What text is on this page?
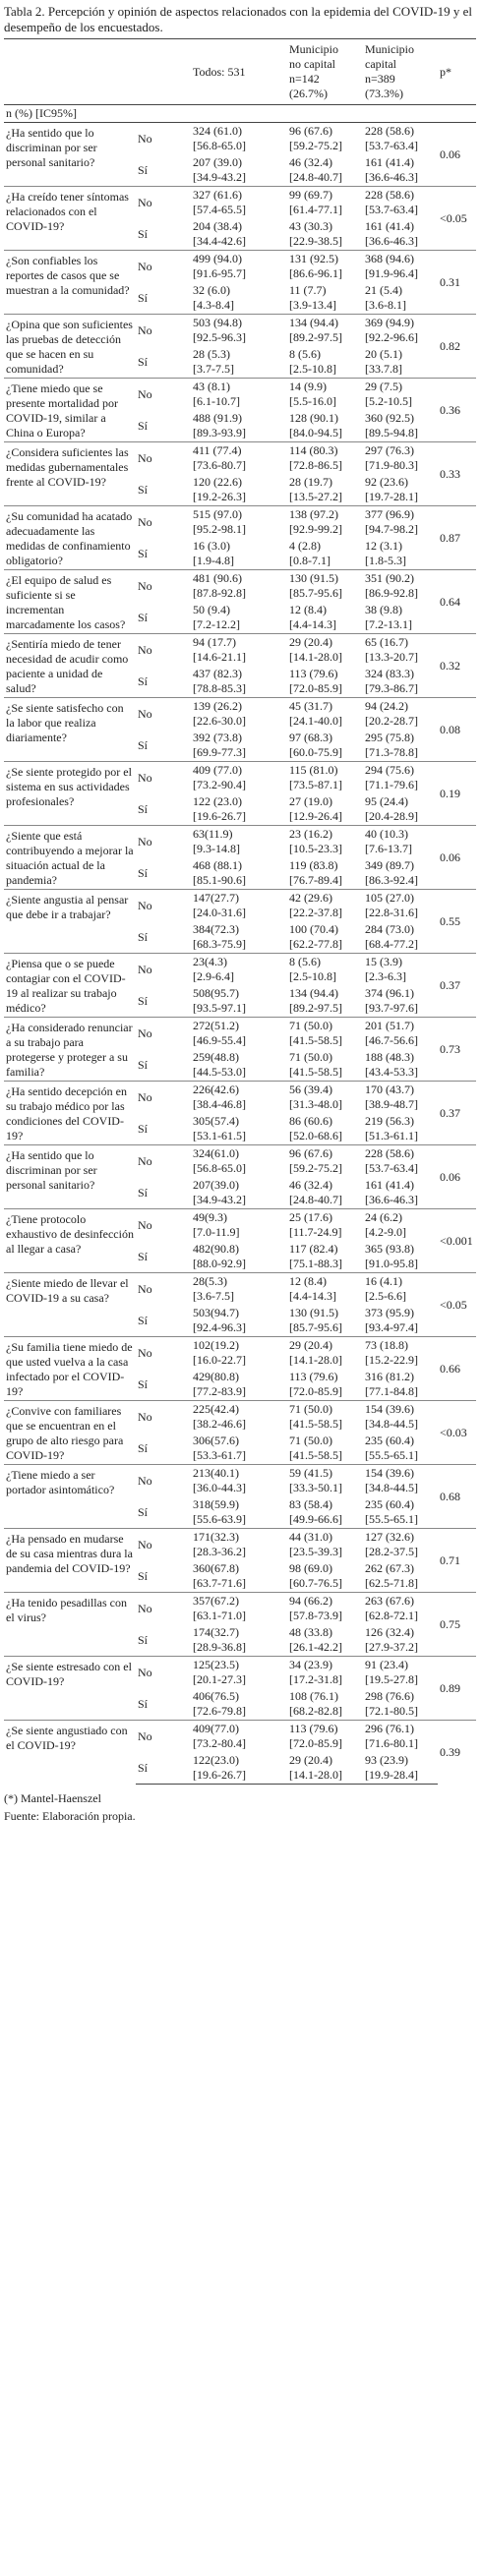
Tabla 2. Percepción y opinión de aspectos relacionados con la epidemia del COVID-19 y el desempeño de los encuestados.
		Todos: 531	Municipio
no capital
n=142
(26.7%)	Municipio
capital
n=389
(73.3%)	p*
n (%) [IC95%]					
¿Ha sentido que lo discriminan por ser personal sanitario?	No	324 (61.0)
[56.8-65.0]	96 (67.6)
[59.2-75.2]	228 (58.6)
[53.7-63.4]	0.06

	Sí	207 (39.0)
[34.9-43.2]	46 (32.4)
[24.8-40.7]	161 (41.4)
[36.6-46.3]	

¿Ha creído tener síntomas relacionados con el COVID-19?	No	327 (61.6)
[57.4-65.5]	99 (69.7)
[61.4-77.1]	228 (58.6)
[53.7-63.4]	<0.05

	Sí	204 (38.4)
[34.4-42.6]	43 (30.3)
[22.9-38.5]	161 (41.4)
[36.6-46.3]	

¿Son confiables los reportes de casos que se muestran a la comunidad?	No	499 (94.0)
[91.6-95.7]	131 (92.5)
[86.6-96.1]	368 (94.6)
[91.9-96.4]	0.31

	Sí	32 (6.0)
[4.3-8.4]	11 (7.7)
[3.9-13.4]	21 (5.4)
[3.6-8.1]	

¿Opina que son suficientes las pruebas de detección que se hacen en su comunidad?	No	503 (94.8)
[92.5-96.3]	134 (94.4)
[89.2-97.5]	369 (94.9)
[92.2-96.6]	0.82

	Sí	28 (5.3)
[3.7-7.5]	8 (5.6)
[2.5-10.8]	20 (5.1)
[33.7.8]	

¿Tiene miedo que se presente mortalidad por COVID-19, similar a China o Europa?	No	43 (8.1)
[6.1-10.7]	14 (9.9)
[5.5-16.0]	29 (7.5)
[5.2-10.5]	0.36

	Sí	488 (91.9)
[89.3-93.9]	128 (90.1)
[84.0-94.5]	360 (92.5)
[89.5-94.8]	

¿Considera suficientes las medidas gubernamentales frente al COVID-19?	No	411 (77.4)
[73.6-80.7]	114 (80.3)
[72.8-86.5]	297 (76.3)
[71.9-80.3]	0.33

	Sí	120 (22.6)
[19.2-26.3]	28 (19.7)
[13.5-27.2]	92 (23.6)
[19.7-28.1]	

¿Su comunidad ha acatado adecuadamente las medidas de confinamiento obligatorio?	No	515 (97.0)
[95.2-98.1]	138 (97.2)
[92.9-99.2]	377 (96.9)
[94.7-98.2]	0.87

	Sí	16 (3.0)
[1.9-4.8]	4 (2.8)
[0.8-7.1]	12 (3.1)
[1.8-5.3]	

¿El equipo de salud es suficiente si se incrementan marcadamente los casos?	No	481 (90.6)
[87.8-92.8]	130 (91.5)
[85.7-95.6]	351 (90.2)
[86.9-92.8]	0.64

	Sí	50 (9.4)
[7.2-12.2]	12 (8.4)
[4.4-14.3]	38 (9.8)
[7.2-13.1]	

¿Sentiría miedo de tener necesidad de acudir como paciente a unidad de salud?	No	94 (17.7)
[14.6-21.1]	29 (20.4)
[14.1-28.0]	65 (16.7)
[13.3-20.7]	0.32

	Sí	437 (82.3)
[78.8-85.3]	113 (79.6)
[72.0-85.9]	324 (83.3)
[79.3-86.7]	

¿Se siente satisfecho con la labor que realiza diariamente?	No	139 (26.2)
[22.6-30.0]	45 (31.7)
[24.1-40.0]	94 (24.2)
[20.2-28.7]	0.08

	Sí	392 (73.8)
[69.9-77.3]	97 (68.3)
[60.0-75.9]	295 (75.8)
[71.3-78.8]	

¿Se siente protegido por el sistema en sus actividades profesionales?	No	409 (77.0)
[73.2-90.4]	115 (81.0)
[73.5-87.1]	294 (75.6)
[71.1-79.6]	0.19

	Sí	122 (23.0)
[19.6-26.7]	27 (19.0)
[12.9-26.4]	95 (24.4)
[20.4-28.9]	

¿Siente que está contribuyendo a mejorar la situación actual de la pandemia?	No	63(11.9)
[9.3-14.8]	23 (16.2)
[10.5-23.3]	40 (10.3)
[7.6-13.7]	0.06

	Sí	468 (88.1)
[85.1-90.6]	119 (83.8)
[76.7-89.4]	349 (89.7)
[86.3-92.4]	

¿Siente angustia al pensar que debe ir a trabajar?	No	147(27.7)
[24.0-31.6]	42 (29.6)
[22.2-37.8]	105 (27.0)
[22.8-31.6]	0.55

	Sí	384(72.3)
[68.3-75.9]	100 (70.4)
[62.2-77.8]	284 (73.0)
[68.4-77.2]	

¿Piensa que o se puede contagiar con el COVID-19 al realizar su trabajo médico?	No	23(4.3)
[2.9-6.4]	8 (5.6)
[2.5-10.8]	15 (3.9)
[2.3-6.3]	0.37

	Sí	508(95.7)
[93.5-97.1]	134 (94.4)
[89.2-97.5]	374 (96.1)
[93.7-97.6]	

¿Ha considerado renunciar a su trabajo para protegerse y proteger a su familia?	No	272(51.2)
[46.9-55.4]	71 (50.0)
[41.5-58.5]	201 (51.7)
[46.7-56.6]	0.73

	Sí	259(48.8)
[44.5-53.0]	71 (50.0)
[41.5-58.5]	188 (48.3)
[43.4-53.3]	

¿Ha sentido decepción en su trabajo médico por las condiciones del COVID-19?	No	226(42.6)
[38.4-46.8]	56 (39.4)
[31.3-48.0]	170 (43.7)
[38.9-48.7]	0.37

	Sí	305(57.4)
[53.1-61.5]	86 (60.6)
[52.0-68.6]	219 (56.3)
[51.3-61.1]	

¿Ha sentido que lo discriminan por ser personal sanitario?	No	324(61.0)
[56.8-65.0]	96 (67.6)
[59.2-75.2]	228 (58.6)
[53.7-63.4]	0.06

	Sí	207(39.0)
[34.9-43.2]	46 (32.4)
[24.8-40.7]	161 (41.4)
[36.6-46.3]	

¿Tiene protocolo exhaustivo de desinfección al llegar a casa?	No	49(9.3)
[7.0-11.9]	25 (17.6)
[11.7-24.9]	24 (6.2)
[4.2-9.0]	<0.001

	Sí	482(90.8)
[88.0-92.9]	117 (82.4)
[75.1-88.3]	365 (93.8)
[91.0-95.8]	

¿Siente miedo de llevar el COVID-19 a su casa?	No	28(5.3)
[3.6-7.5]	12 (8.4)
[4.4-14.3]	16 (4.1)
[2.5-6.6]	<0.05

	Sí	503(94.7)
[92.4-96.3]	130 (91.5)
[85.7-95.6]	373 (95.9)
[93.4-97.4]	

¿Su familia tiene miedo de que usted vuelva a la casa infectado por el COVID-19?	No	102(19.2)
[16.0-22.7]	29 (20.4)
[14.1-28.0]	73 (18.8)
[15.2-22.9]	0.66

	Sí	429(80.8)
[77.2-83.9]	113 (79.6)
[72.0-85.9]	316 (81.2)
[77.1-84.8]	

¿Convive con familiares que se encuentran en el grupo de alto riesgo para COVID-19?	No	225(42.4)
[38.2-46.6]	71 (50.0)
[41.5-58.5]	154 (39.6)
[34.8-44.5]	<0.03

	Sí	306(57.6)
[53.3-61.7]	71 (50.0)
[41.5-58.5]	235 (60.4)
[55.5-65.1]	

¿Tiene miedo a ser portador asintomático?	No	213(40.1)
[36.0-44.3]	59 (41.5)
[33.3-50.1]	154 (39.6)
[34.8-44.5]	0.68

	Sí	318(59.9)
[55.6-63.9]	83 (58.4)
[49.9-66.6]	235 (60.4)
[55.5-65.1]	

¿Ha pensado en mudarse de su casa mientras dura la pandemia del COVID-19?	No	171(32.3)
[28.3-36.2]	44 (31.0)
[23.5-39.3]	127 (32.6)
[28.2-37.5]	0.71

	Sí	360(67.8)
[63.7-71.6]	98 (69.0)
[60.7-76.5]	262 (67.3)
[62.5-71.8]	

¿Ha tenido pesadillas con el virus?	No	357(67.2)
[63.1-71.0]	94 (66.2)
[57.8-73.9]	263 (67.6)
[62.8-72.1]	0.75

	Sí	174(32.7)
[28.9-36.8]	48 (33.8)
[26.1-42.2]	126 (32.4)
[27.9-37.2]	

¿Se siente estresado con el COVID-19?	No	125(23.5)
[20.1-27.3]	34 (23.9)
[17.2-31.8]	91 (23.4)
[19.5-27.8]	0.89

	Sí	406(76.5)
[72.6-79.8]	108 (76.1)
[68.2-82.8]	298 (76.6)
[72.1-80.5]	

¿Se siente angustiado con el COVID-19?	No	409(77.0)
[73.2-80.4]	113 (79.6)
[72.0-85.9]	296 (76.1)
[71.6-80.1]	0.39

	Sí	122(23.0)
[19.6-26.7]	29 (20.4)
[14.1-28.0]	93 (23.9)
[19.9-28.4]	
(*) Mantel-Haenszel
Fuente: Elaboración propia.
